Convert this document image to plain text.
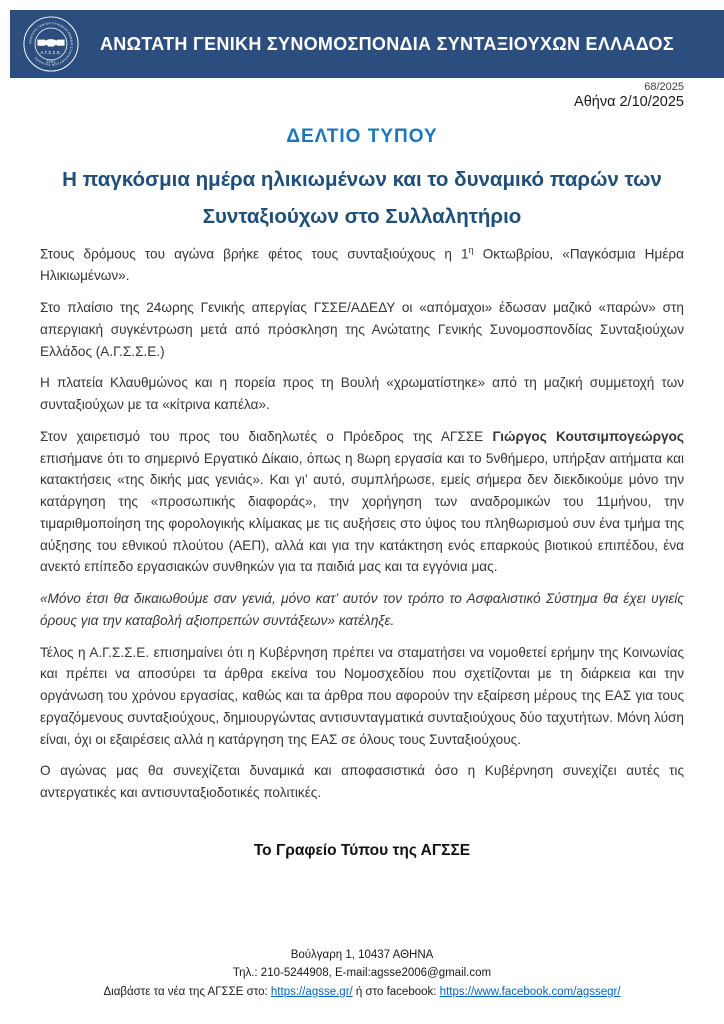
ΑΝΩΤΑΤΗ ΓΕΝΙΚΗ ΣΥΝΟΜΟΣΠΟΝΔΙΑ ΣΥΝΤΑΞΙΟΥΧΩΝ ΕΛΛΑΔΟΣ
Α.Γ.Σ.Σ.Ε.
2004
ΑΝΩΤΑΤΗ ΓΕΝΙΚΗ ΣΥΝΟΜΟΣΠΟΝΔΙΑ ΣΥΝΤΑΞΙΟΥΧΩΝ ΕΛΛΑΔΟΣ
68/2025
Αθήνα 2/10/2025
ΔΕΛΤΙΟ ΤΥΠΟΥ
Η παγκόσμια ημέρα ηλικιωμένων και το δυναμικό παρών των
Συνταξιούχων στο Συλλαλητήριο

Στους δρόμους του αγώνα βρήκε φέτος τους συνταξιούχους η $1^\eta$ Οκτωβρίου, «Παγκόσμια Ημέρα Ηλικιωμένων».

Στο πλαίσιο της 24ωρης Γενικής απεργίας ΓΣΣΕ/ΑΔΕΔΥ οι «απόμαχοι» έδωσαν μαζικό «παρών» στη απεργιακή συγκέντρωση μετά από πρόσκληση της Ανώτατης Γενικής Συνομοσπονδίας Συνταξιούχων Ελλάδος (Α.Γ.Σ.Σ.Ε.)

Η πλατεία Κλαυθμώνος και η πορεία προς τη Βουλή «χρωματίστηκε» από τη μαζική συμμετοχή των συνταξιούχων με τα «κίτρινα καπέλα».

Στον χαιρετισμό του προς του διαδηλωτές ο Πρόεδρος της ΑΓΣΣΕ Γιώργος Κουτσιμπογεώργος επισήμανε ότι το σημερινό Εργατικό Δίκαιο, όπως η 8ωρη εργασία και το 5νθήμερο, υπήρξαν αιτήματα και κατακτήσεις «της δικής μας γενιάς». Και γι’ αυτό, συμπλήρωσε, εμείς σήμερα δεν διεκδικούμε μόνο την κατάργηση της «προσωπικής διαφοράς», την χορήγηση των αναδρομικών του 11μήνου, την τιμαριθμοποίηση της φορολογικής κλίμακας με τις αυξήσεις στο ύψος του πληθωρισμού συν ένα τμήμα της αύξησης του εθνικού πλούτου (ΑΕΠ), αλλά και για την κατάκτηση ενός επαρκούς βιοτικού επιπέδου, ένα ανεκτό επίπεδο εργασιακών συνθηκών για τα παιδιά μας και τα εγγόνια μας.

«Μόνο έτσι θα δικαιωθούμε σαν γενιά, μόνο κατ’ αυτόν τον τρόπο το Ασφαλιστικό Σύστημα θα έχει υγιείς όρους για την καταβολή αξιοπρεπών συντάξεων» κατέληξε.

Τέλος η Α.Γ.Σ.Σ.Ε. επισημαίνει ότι η Κυβέρνηση πρέπει να σταματήσει να νομοθετεί ερήμην της Κοινωνίας και πρέπει να αποσύρει τα άρθρα εκείνα του Νομοσχεδίου που σχετίζονται με τη διάρκεια και την οργάνωση του χρόνου εργασίας, καθώς και τα άρθρα που αφορούν την εξαίρεση μέρους της ΕΑΣ για τους εργαζόμενους συνταξιούχους, δημιουργώντας αντισυνταγματικά συνταξιούχους δύο ταχυτήτων. Μόνη λύση είναι, όχι οι εξαιρέσεις αλλά η κατάργηση της ΕΑΣ σε όλους τους Συνταξιούχους.

Ο αγώνας μας θα συνεχίζεται δυναμικά και αποφασιστικά όσο η Κυβέρνηση συνεχίζει αυτές τις αντεργατικές και αντισυνταξιοδοτικές πολιτικές.

Το Γραφείο Τύπου της ΑΓΣΣΕ
Βούλγαρη 1, 10437 ΑΘΗΝΑ
Τηλ.: 210-5244908, E-mail:agsse2006@gmail.com
Διαβάστε τα νέα της ΑΓΣΣΕ στο: https://agsse.gr/ ή στο facebook: https://www.facebook.com/agssegr/
